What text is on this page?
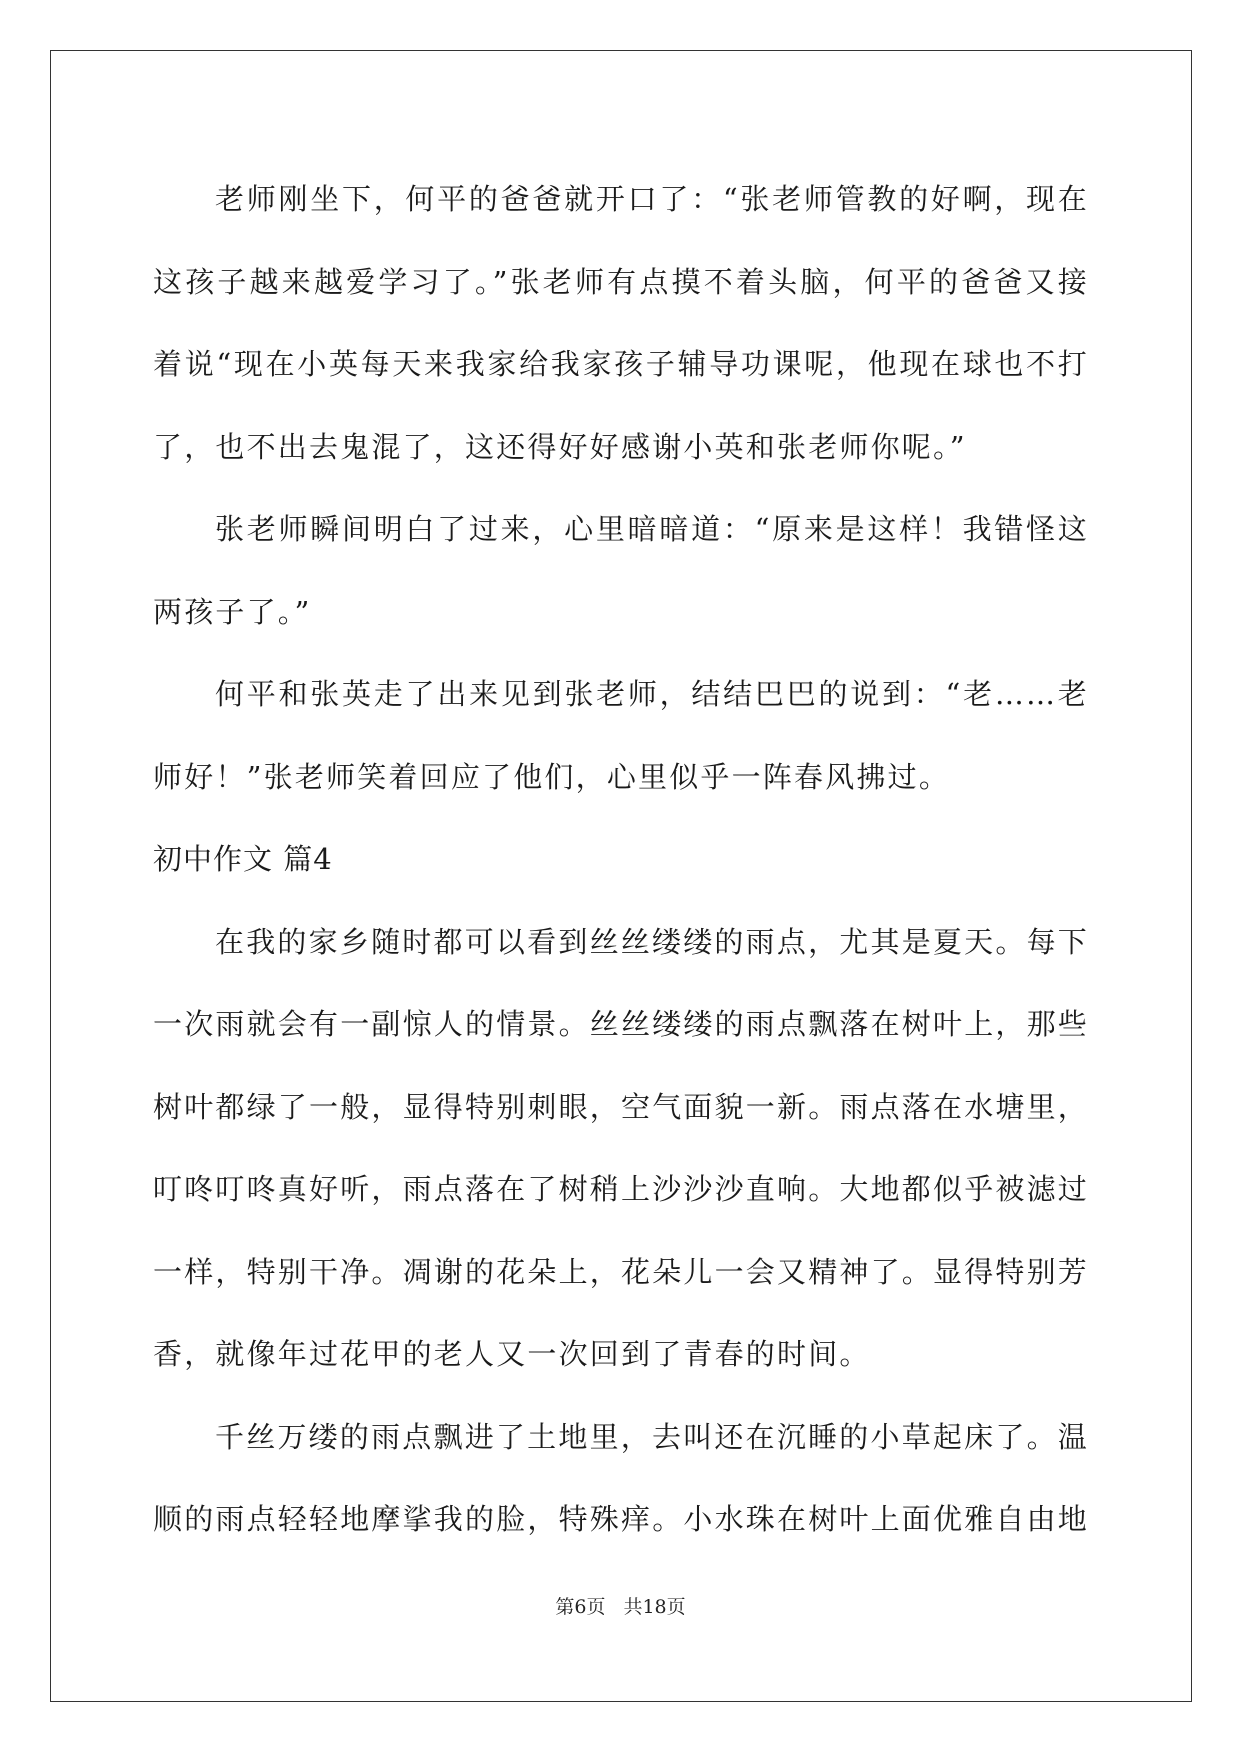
老师刚坐下，何平的爸爸就开口了：“张老师管教的好啊，现在这孩子越来越爱学习了。”张老师有点摸不着头脑，何平的爸爸又接着说“现在小英每天来我家给我家孩子辅导功课呢，他现在球也不打了，也不出去鬼混了，这还得好好感谢小英和张老师你呢。”

张老师瞬间明白了过来，心里暗暗道：“原来是这样！我错怪这两孩子了。”

何平和张英走了出来见到张老师，结结巴巴的说到：“老……老师好！”张老师笑着回应了他们，心里似乎一阵春风拂过。

初中作文 篇4

在我的家乡随时都可以看到丝丝缕缕的雨点，尤其是夏天。每下一次雨就会有一副惊人的情景。丝丝缕缕的雨点飘落在树叶上，那些树叶都绿了一般，显得特别刺眼，空气面貌一新。雨点落在水塘里，叮咚叮咚真好听，雨点落在了树稍上沙沙沙直响。大地都似乎被滤过一样，特别干净。凋谢的花朵上，花朵儿一会又精神了。显得特别芳香，就像年过花甲的老人又一次回到了青春的时间。

千丝万缕的雨点飘进了土地里，去叫还在沉睡的小草起床了。温顺的雨点轻轻地摩挲我的脸，特殊痒。小水珠在树叶上面优雅自由地

第6页 共18页
